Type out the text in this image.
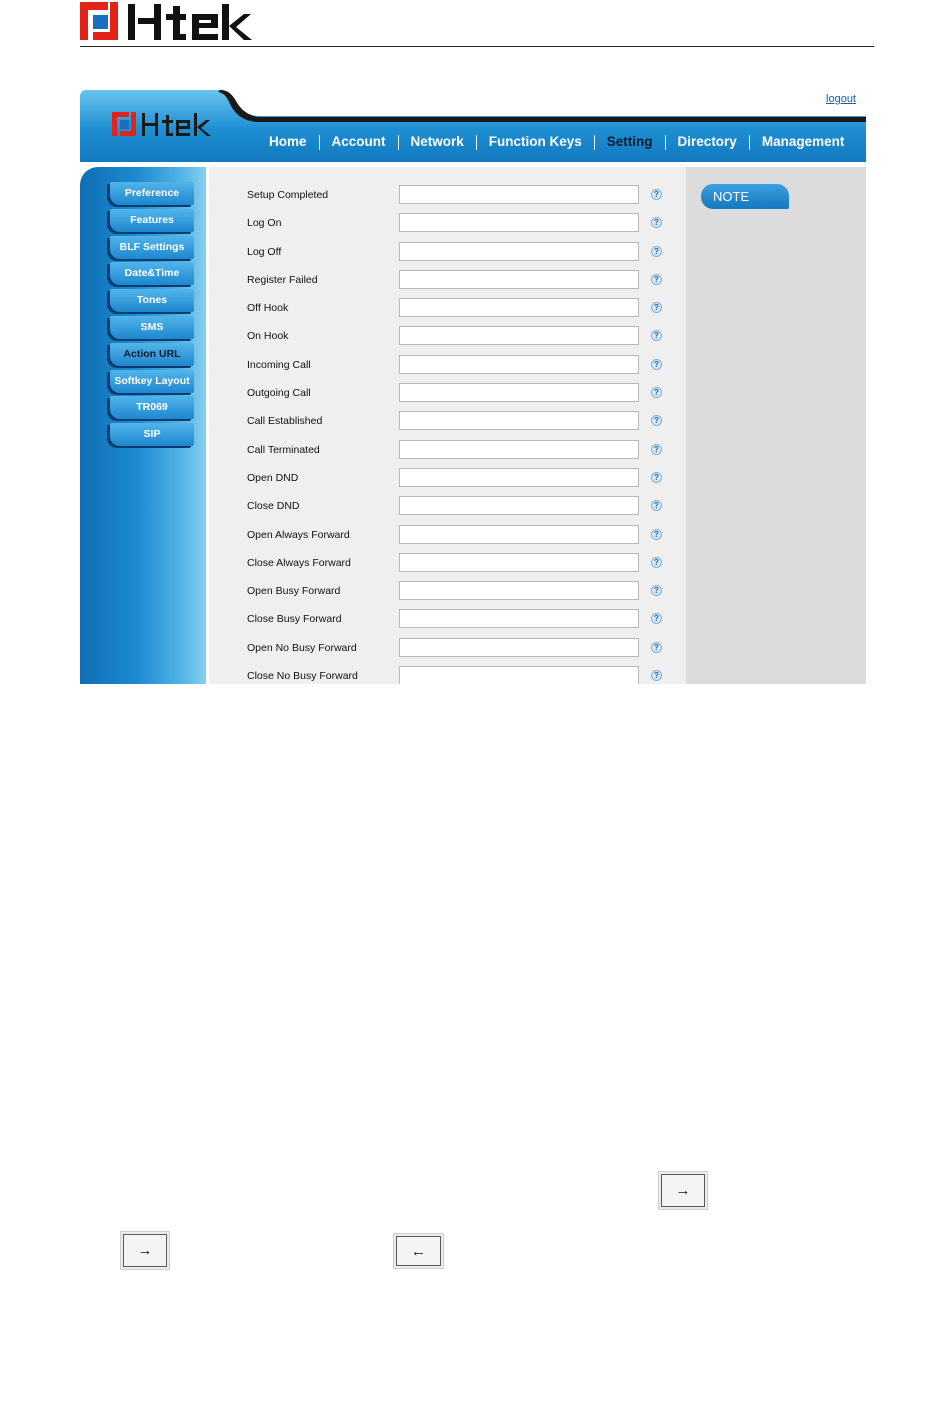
logout
Home	Account	Network	Function Keys	Setting	Directory	Management
Preference
Features
BLF Settings
Date&Time
Tones
SMS
Action URL
Softkey Layout
TR069
SIP
Setup Completed	?
Log On	?
Log Off	?
Register Failed	?
Off Hook	?
On Hook	?
Incoming Call	?
Outgoing Call	?
Call Established	?
Call Terminated	?
Open DND	?
Close DND	?
Open Always Forward	?
Close Always Forward	?
Open Busy Forward	?
Close Busy Forward	?
Open No Busy Forward	?
Close No Busy Forward	?
NOTE
→
→	←
